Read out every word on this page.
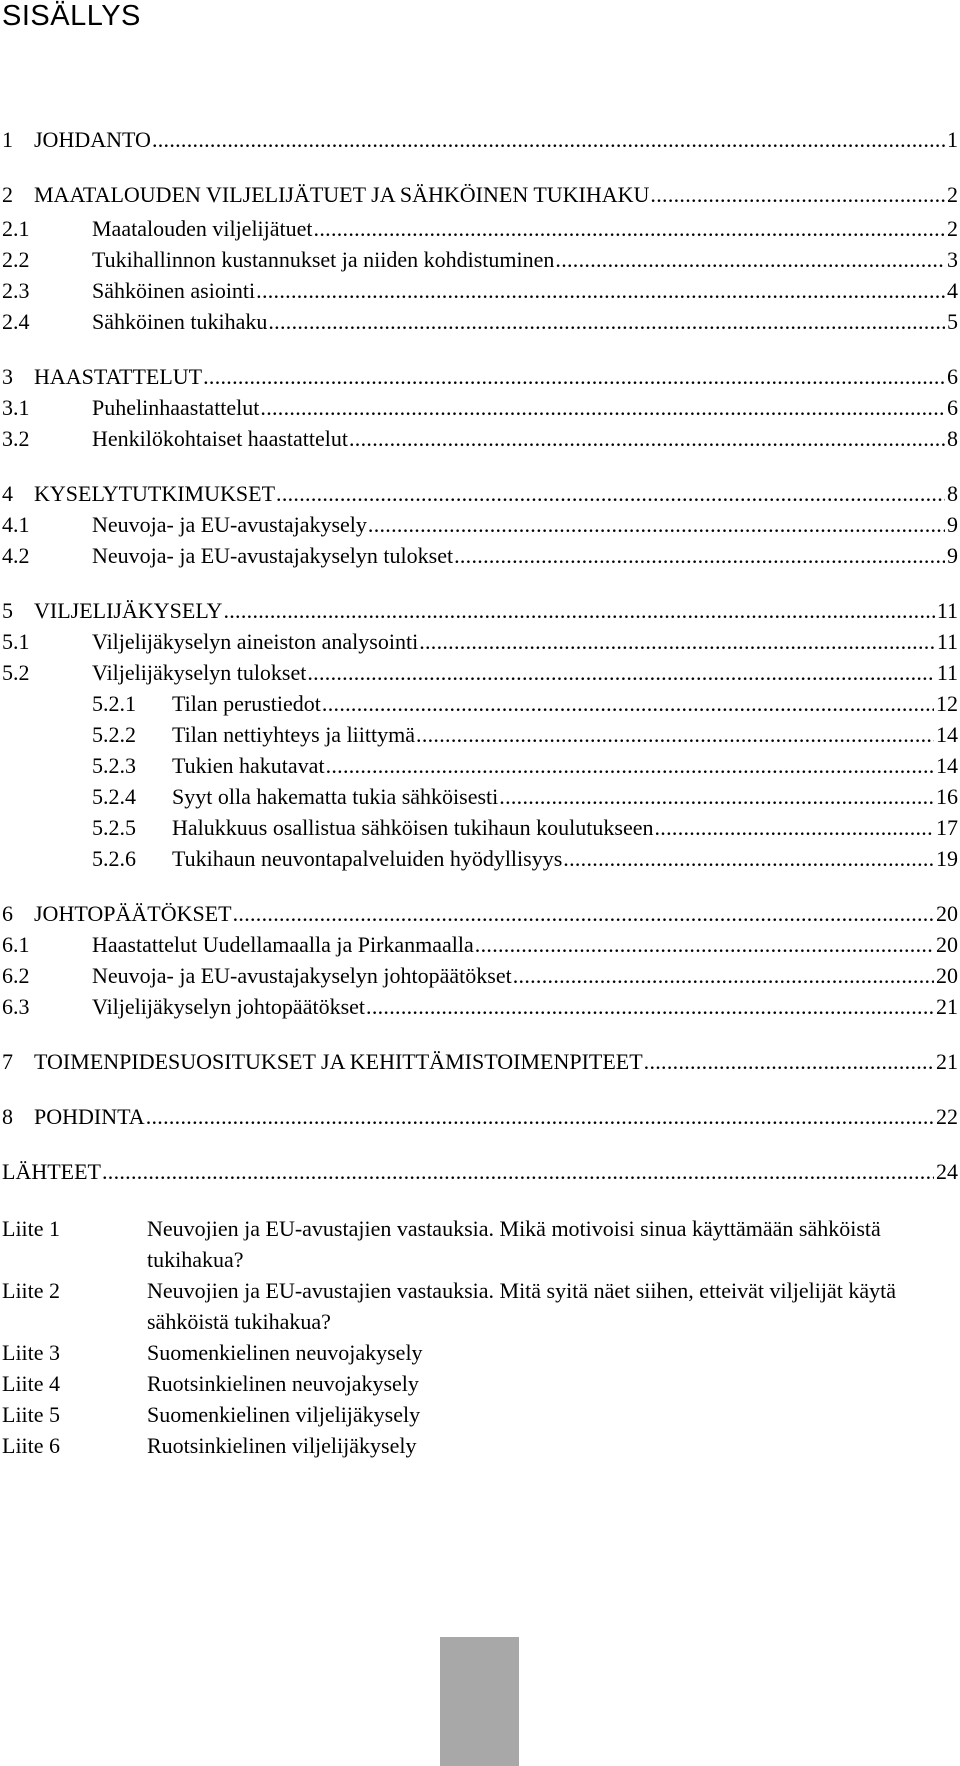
SISÄLLYS
1 JOHDANTO .....	1
2 MAATALOUDEN VILJELIJÄTUET JA SÄHKÖINEN TUKIHAKU .....	2
2.1	Maatalouden viljelijätuet .....	2
2.2	Tukihallinnon kustannukset ja niiden kohdistuminen .....	3
2.3	Sähköinen asiointi .....	4
2.4	Sähköinen tukihaku .....	5
3 HAASTATTELUT .....	6
3.1	Puhelinhaastattelut .....	6
3.2	Henkilökohtaiset haastattelut .....	8
4 KYSELYTUTKIMUKSET .....	8
4.1	Neuvoja- ja EU-avustajakysely .....	9
4.2	Neuvoja- ja EU-avustajakyselyn tulokset .....	9
5 VILJELIJÄKYSELY .....	11
5.1	Viljelijäkyselyn aineiston analysointi .....	11
5.2	Viljelijäkyselyn tulokset .....	11
5.2.1 Tilan perustiedot .....	12
5.2.2 Tilan nettiyhteys ja liittymä .....	14
5.2.3 Tukien hakutavat .....	14
5.2.4 Syyt olla hakematta tukia sähköisesti .....	16
5.2.5 Halukkuus osallistua sähköisen tukihaun koulutukseen .....	17
5.2.6 Tukihaun neuvontapalveluiden hyödyllisyys .....	19
6 JOHTOPÄÄTÖKSET .....	20
6.1	Haastattelut Uudellamaalla ja Pirkanmaalla .....	20
6.2	Neuvoja- ja EU-avustajakyselyn johtopäätökset .....	20
6.3	Viljelijäkyselyn johtopäätökset .....	21
7 TOIMENPIDESUOSITUKSET JA KEHITTÄMISTOIMENPITEET .....	21
8 POHDINTA .....	22
LÄHTEET .....	24
Liite 1	Neuvojien ja EU-avustajien vastauksia. Mikä motivoisi sinua käyttämään sähköistä tukihakua?
Liite 2	Neuvojien ja EU-avustajien vastauksia. Mitä syitä näet siihen, etteivät viljelijät käytä sähköistä tukihakua?
Liite 3	Suomenkielinen neuvojakysely
Liite 4	Ruotsinkielinen neuvojakysely
Liite 5	Suomenkielinen viljelijäkysely
Liite 6	Ruotsinkielinen viljelijäkysely
